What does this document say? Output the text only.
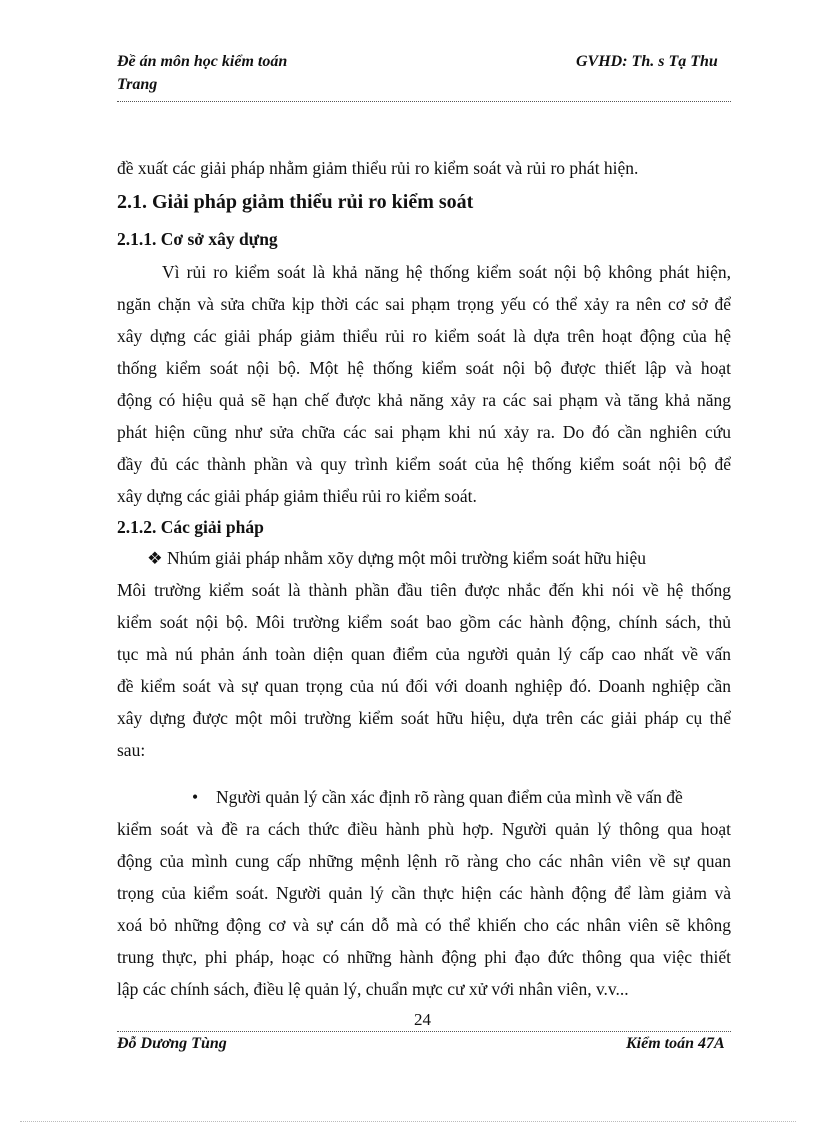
Đề án môn học kiểm toán	GVHD: Th. s Tạ Thu
Trang
đề xuất các giải pháp nhằm giảm thiểu rủi ro kiểm soát và rủi ro phát hiện.
2.1. Giải pháp giảm thiểu rủi ro kiểm soát
2.1.1. Cơ sở xây dựng
Vì rủi ro kiểm soát là khả năng hệ thống kiểm soát nội bộ không phát hiện,
ngăn chặn và sửa chữa kịp thời các sai phạm trọng yếu có thể xảy ra nên cơ sở để
xây dựng các giải pháp giảm thiểu rủi ro kiểm soát là dựa trên hoạt động của hệ
thống kiểm soát nội bộ. Một hệ thống kiểm soát nội bộ được thiết lập và hoạt
động có hiệu quả sẽ hạn chế được khả năng xảy ra các sai phạm và tăng khả năng
phát hiện cũng như sửa chữa các sai phạm khi nú xảy ra. Do đó cần nghiên cứu
đầy đủ các thành phần và quy trình kiểm soát của hệ thống kiểm soát nội bộ để
xây dựng các giải pháp giảm thiểu rủi ro kiểm soát.
2.1.2. Các giải pháp
❖ Nhúm giải pháp nhằm xõy dựng một môi trường kiểm soát hữu hiệu
Môi trường kiểm soát là thành phần đầu tiên được nhắc đến khi nói về hệ thống
kiểm soát nội bộ. Môi trường kiểm soát bao gồm các hành động, chính sách, thủ
tục mà nú phản ánh toàn diện quan điểm của người quản lý cấp cao nhất về vấn
đề kiểm soát và sự quan trọng của nú đối với doanh nghiệp đó. Doanh nghiệp cần
xây dựng được một môi trường kiểm soát hữu hiệu, dựa trên các giải pháp cụ thể
sau:
• Người quản lý cần xác định rõ ràng quan điểm của mình về vấn đề
kiểm soát và đề ra cách thức điều hành phù hợp. Người quản lý thông qua hoạt
động của mình cung cấp những mệnh lệnh rõ ràng cho các nhân viên về sự quan
trọng của kiểm soát. Người quản lý cần thực hiện các hành động để làm giảm và
xoá bỏ những động cơ và sự cán dỗ mà có thể khiến cho các nhân viên sẽ không
trung thực, phi pháp, hoạc có những hành động phi đạo đức thông qua việc thiết
lập các chính sách, điều lệ quản lý, chuẩn mực cư xử với nhân viên, v.v...
24
Đỗ Dương Tùng	Kiểm toán 47A
